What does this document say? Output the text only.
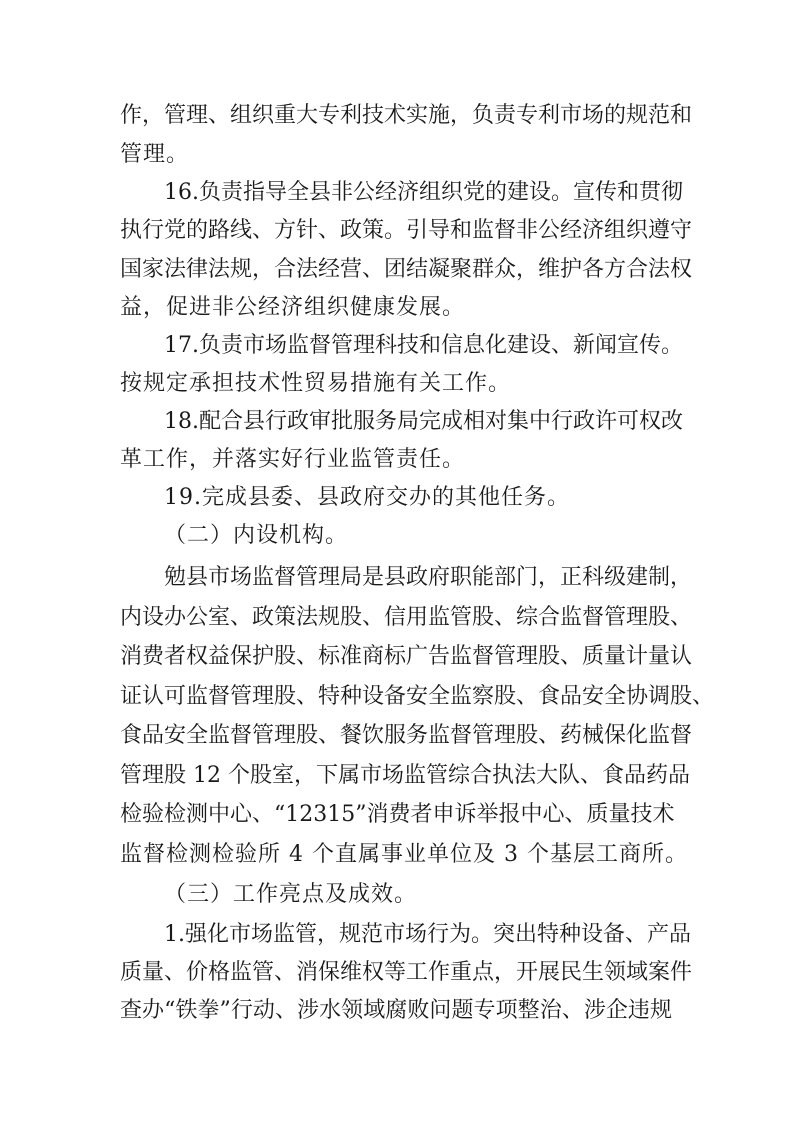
作，管理、组织重大专利技术实施，负责专利市场的规范和
管理。
16.负责指导全县非公经济组织党的建设。宣传和贯彻
执行党的路线、方针、政策。引导和监督非公经济组织遵守
国家法律法规，合法经营、团结凝聚群众，维护各方合法权
益，促进非公经济组织健康发展。
17.负责市场监督管理科技和信息化建设、新闻宣传。
按规定承担技术性贸易措施有关工作。
18.配合县行政审批服务局完成相对集中行政许可权改
革工作，并落实好行业监管责任。
19.完成县委、县政府交办的其他任务。
（二）内设机构。
勉县市场监督管理局是县政府职能部门，正科级建制，
内设办公室、政策法规股、信用监管股、综合监督管理股、
消费者权益保护股、标准商标广告监督管理股、质量计量认
证认可监督管理股、特种设备安全监察股、食品安全协调股、
食品安全监督管理股、餐饮服务监督管理股、药械保化监督
管理股 12 个股室，下属市场监管综合执法大队、食品药品
检验检测中心、“12315”消费者申诉举报中心、质量技术
监督检测检验所 4 个直属事业单位及 3 个基层工商所。
（三）工作亮点及成效。
1.强化市场监管，规范市场行为。突出特种设备、产品
质量、价格监管、消保维权等工作重点，开展民生领域案件
查办“铁拳”行动、涉水领域腐败问题专项整治、涉企违规
